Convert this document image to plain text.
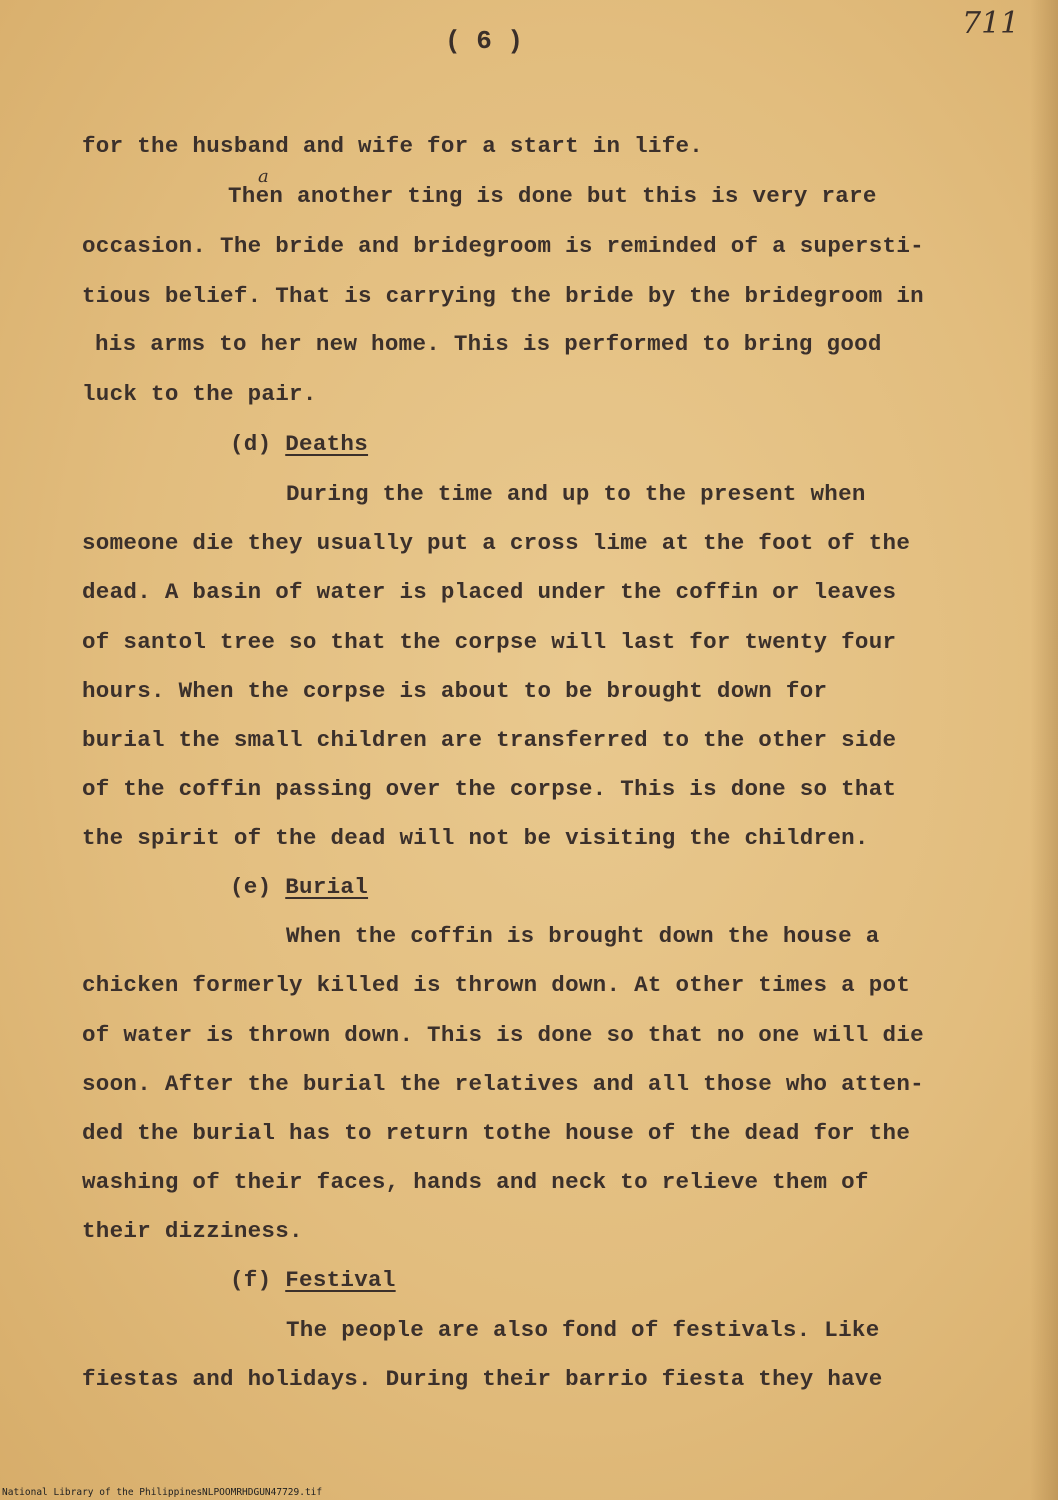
( 6 )	711
a
for the husband and wife for a start in life.
Then another ting is done but this is very rare
occasion. The bride and bridegroom is reminded of a supersti-
tious belief. That is carrying the bride by the bridegroom in
his arms to her new home. This is performed to bring good
luck to the pair.
(d) Deaths
During the time and up to the present when
someone die they usually put a cross lime at the foot of the
dead. A basin of water is placed under the coffin or leaves
of santol tree so that the corpse will last for twenty four
hours. When the corpse is about to be brought down for
burial the small children are transferred to the other side
of the coffin passing over the corpse. This is done so that
the spirit of the dead will not be visiting the children.
(e) Burial
When the coffin is brought down the house a
chicken formerly killed is thrown down. At other times a pot
of water is thrown down. This is done so that no one will die
soon. After the burial the relatives and all those who atten-
ded the burial has to return tothe house of the dead for the
washing of their faces, hands and neck to relieve them of
their dizziness.
(f) Festival
The people are also fond of festivals. Like
fiestas and holidays. During their barrio fiesta they have
National Library of the Philippines NLPOOMRHDGUN47729.tif
